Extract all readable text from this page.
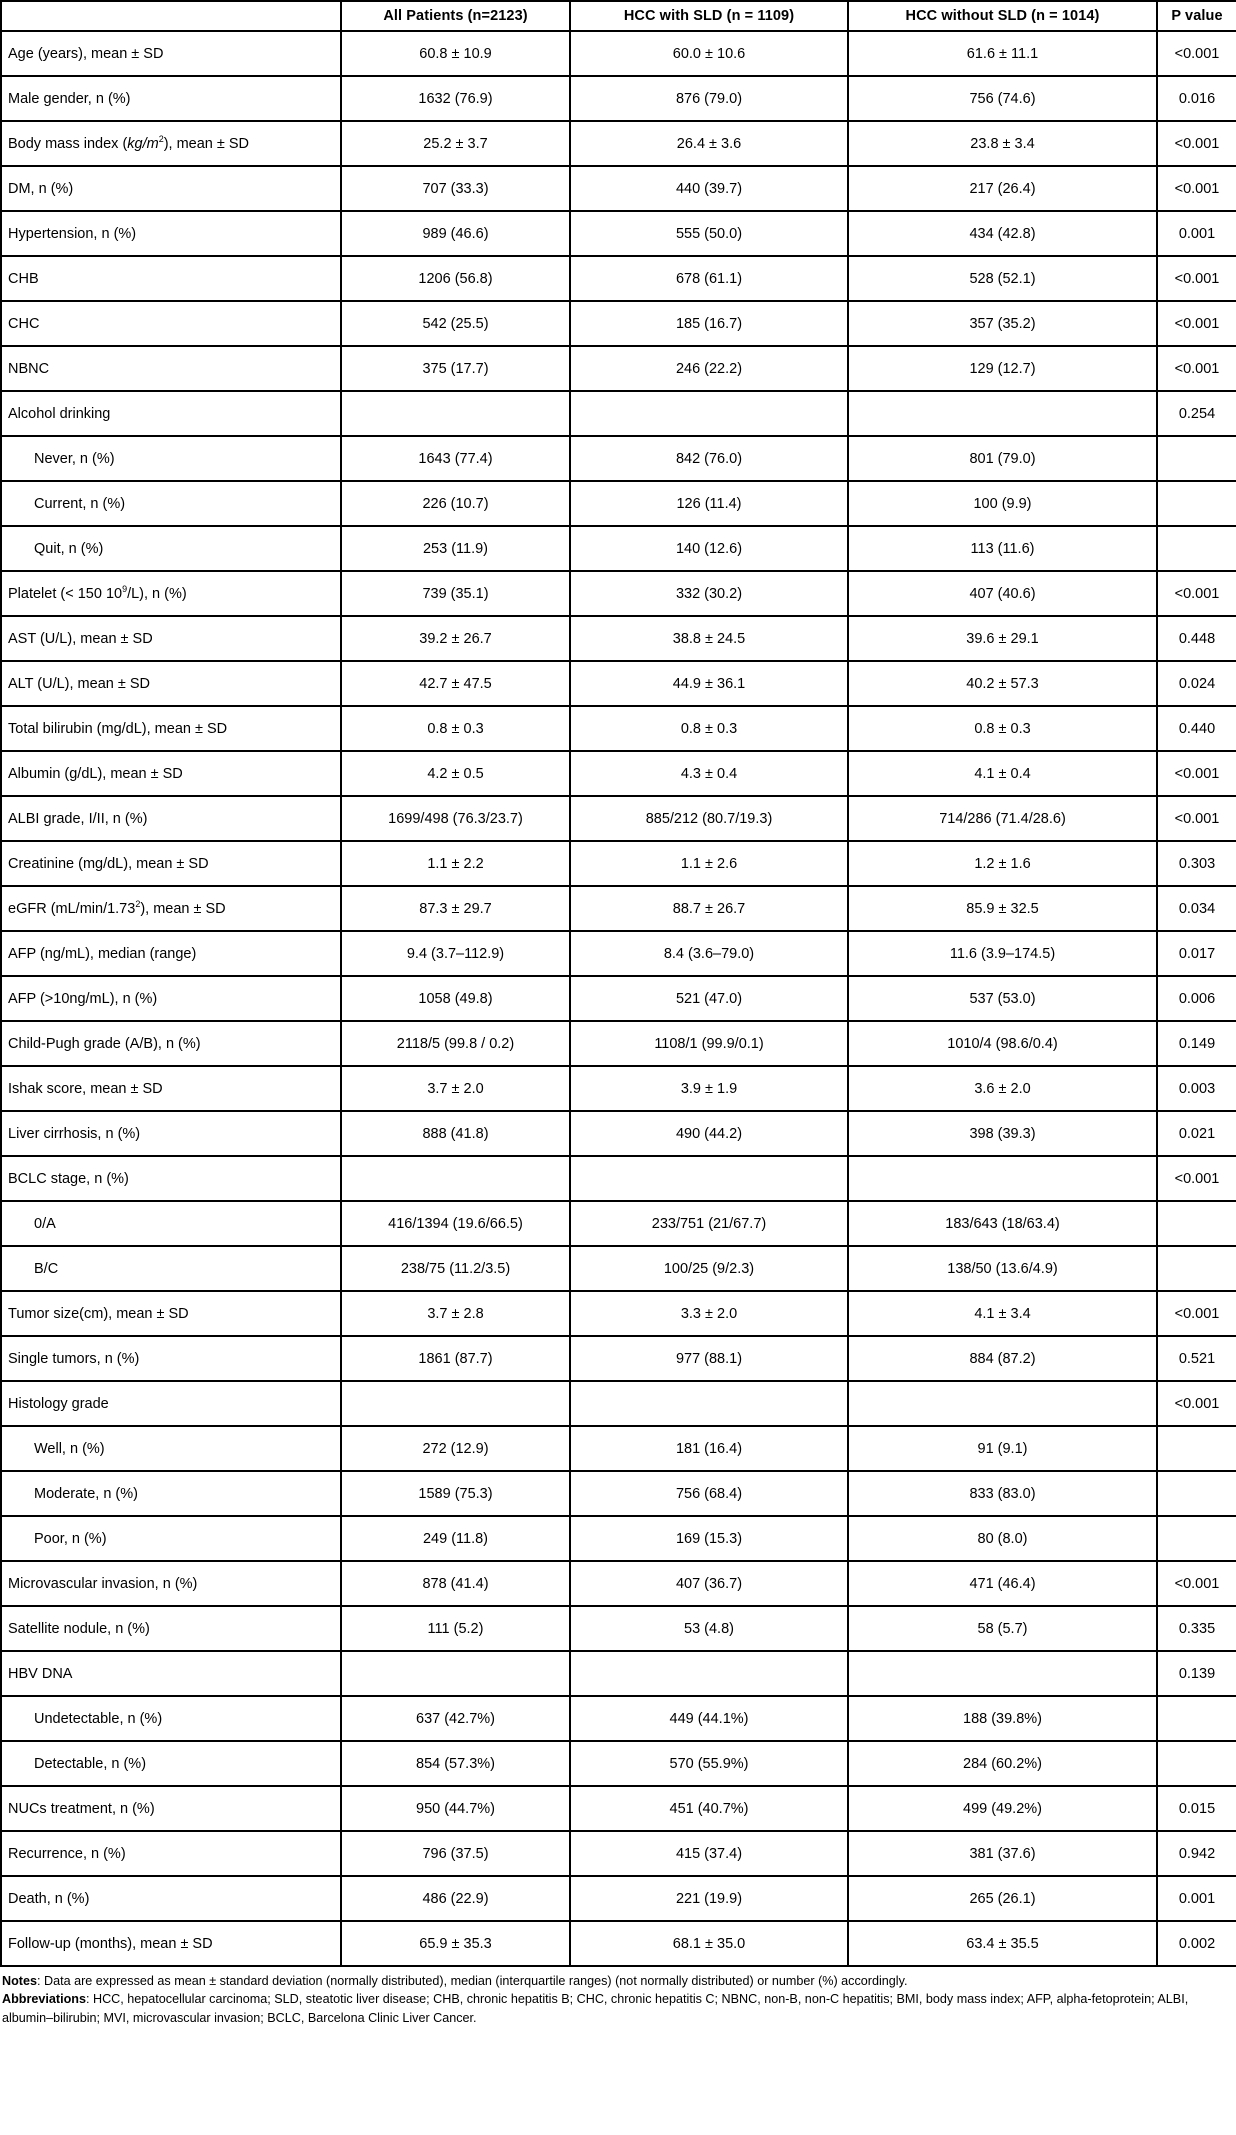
	All Patients (n=2123)	HCC with SLD (n = 1109)	HCC without SLD (n = 1014)	P value
Age (years), mean ± SD	60.8 ± 10.9	60.0 ± 10.6	61.6 ± 11.1	<0.001
Male gender, n (%)	1632 (76.9)	876 (79.0)	756 (74.6)	0.016
Body mass index $(kg/m^2)$, mean ± SD	25.2 ± 3.7	26.4 ± 3.6	23.8 ± 3.4	<0.001
DM, n (%)	707 (33.3)	440 (39.7)	217 (26.4)	<0.001
Hypertension, n (%)	989 (46.6)	555 (50.0)	434 (42.8)	0.001
CHB	1206 (56.8)	678 (61.1)	528 (52.1)	<0.001
CHC	542 (25.5)	185 (16.7)	357 (35.2)	<0.001
NBNC	375 (17.7)	246 (22.2)	129 (12.7)	<0.001
Alcohol drinking				0.254
Never, n (%)	1643 (77.4)	842 (76.0)	801 (79.0)	
Current, n (%)	226 (10.7)	126 (11.4)	100 (9.9)	
Quit, n (%)	253 (11.9)	140 (12.6)	113 (11.6)	
Platelet (< 150 $10^9/L$), n (%)	739 (35.1)	332 (30.2)	407 (40.6)	<0.001
AST (U/L), mean ± SD	39.2 ± 26.7	38.8 ± 24.5	39.6 ± 29.1	0.448
ALT (U/L), mean ± SD	42.7 ± 47.5	44.9 ± 36.1	40.2 ± 57.3	0.024
Total bilirubin (mg/dL), mean ± SD	0.8 ± 0.3	0.8 ± 0.3	0.8 ± 0.3	0.440
Albumin (g/dL), mean ± SD	4.2 ± 0.5	4.3 ± 0.4	4.1 ± 0.4	<0.001
ALBI grade, I/II, n (%)	1699/498 (76.3/23.7)	885/212 (80.7/19.3)	714/286 (71.4/28.6)	<0.001
Creatinine (mg/dL), mean ± SD	1.1 ± 2.2	1.1 ± 2.6	1.2 ± 1.6	0.303
eGFR (mL/min/1.73$^2$), mean ± SD	87.3 ± 29.7	88.7 ± 26.7	85.9 ± 32.5	0.034
AFP (ng/mL), median (range)	9.4 (3.7–112.9)	8.4 (3.6–79.0)	11.6 (3.9–174.5)	0.017
AFP (>10ng/mL), n (%)	1058 (49.8)	521 (47.0)	537 (53.0)	0.006
Child-Pugh grade (A/B), n (%)	2118/5 (99.8 / 0.2)	1108/1 (99.9/0.1)	1010/4 (98.6/0.4)	0.149
Ishak score, mean ± SD	3.7 ± 2.0	3.9 ± 1.9	3.6 ± 2.0	0.003
Liver cirrhosis, n (%)	888 (41.8)	490 (44.2)	398 (39.3)	0.021
BCLC stage, n (%)				<0.001
0/A	416/1394 (19.6/66.5)	233/751 (21/67.7)	183/643 (18/63.4)	
B/C	238/75 (11.2/3.5)	100/25 (9/2.3)	138/50 (13.6/4.9)	
Tumor size(cm), mean ± SD	3.7 ± 2.8	3.3 ± 2.0	4.1 ± 3.4	<0.001
Single tumors, n (%)	1861 (87.7)	977 (88.1)	884 (87.2)	0.521
Histology grade				<0.001
Well, n (%)	272 (12.9)	181 (16.4)	91 (9.1)	
Moderate, n (%)	1589 (75.3)	756 (68.4)	833 (83.0)	
Poor, n (%)	249 (11.8)	169 (15.3)	80 (8.0)	
Microvascular invasion, n (%)	878 (41.4)	407 (36.7)	471 (46.4)	<0.001
Satellite nodule, n (%)	111 (5.2)	53 (4.8)	58 (5.7)	0.335
HBV DNA				0.139
Undetectable, n (%)	637 (42.7%)	449 (44.1%)	188 (39.8%)	
Detectable, n (%)	854 (57.3%)	570 (55.9%)	284 (60.2%)	
NUCs treatment, n (%)	950 (44.7%)	451 (40.7%)	499 (49.2%)	0.015
Recurrence, n (%)	796 (37.5)	415 (37.4)	381 (37.6)	0.942
Death, n (%)	486 (22.9)	221 (19.9)	265 (26.1)	0.001
Follow-up (months), mean ± SD	65.9 ± 35.3	68.1 ± 35.0	63.4 ± 35.5	0.002

Notes: Data are expressed as mean ± standard deviation (normally distributed), median (interquartile ranges) (not normally distributed) or number (%) accordingly.

Abbreviations: HCC, hepatocellular carcinoma; SLD, steatotic liver disease; CHB, chronic hepatitis B; CHC, chronic hepatitis C; NBNC, non-B, non-C hepatitis; BMI, body mass index; AFP, alpha-fetoprotein; ALBI, albumin–bilirubin; MVI, microvascular invasion; BCLC, Barcelona Clinic Liver Cancer.
